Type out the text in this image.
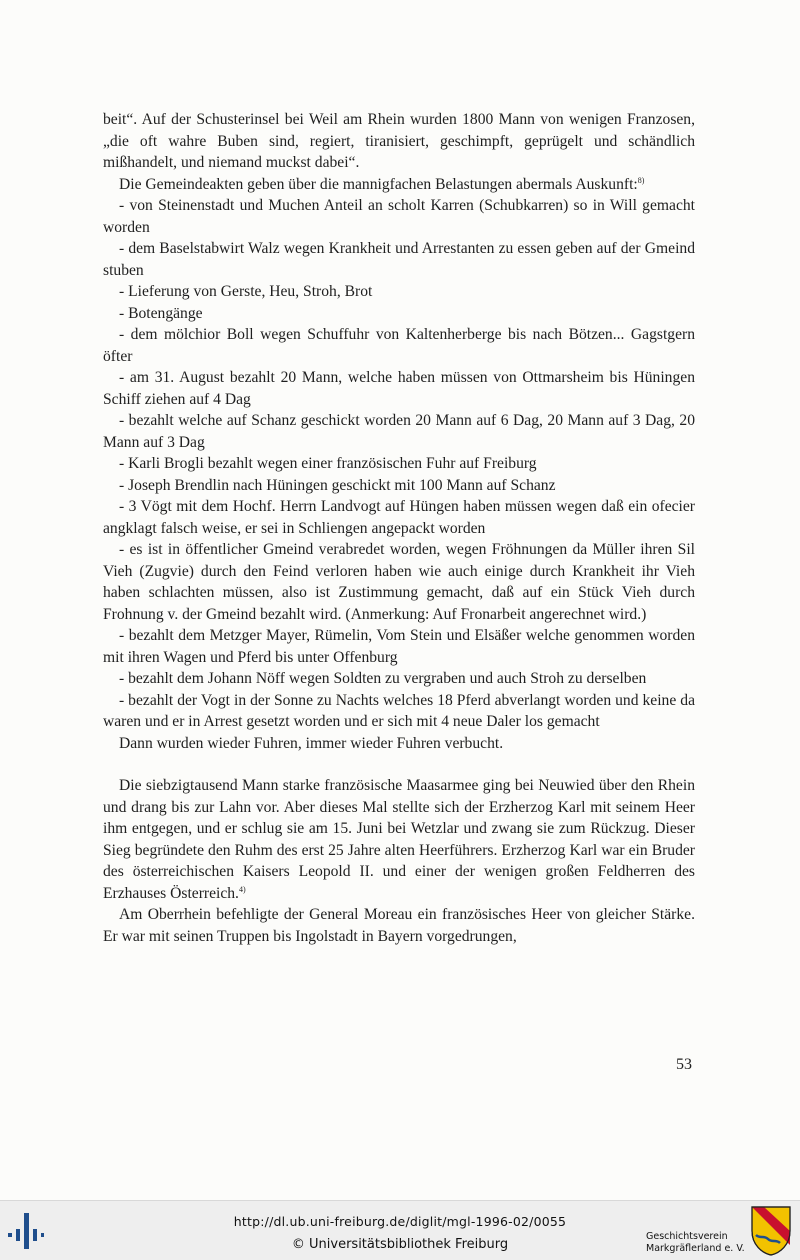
beit“. Auf der Schusterinsel bei Weil am Rhein wurden 1800 Mann von wenigen Franzosen, „die oft wahre Buben sind, regiert, tiranisiert, geschimpft, geprügelt und schändlich mißhandelt, und niemand muckst dabei“.

Die Gemeindeakten geben über die mannigfachen Belastungen abermals Auskunft:$^{8)}$

- von Steinenstadt und Muchen Anteil an scholt Karren (Schubkarren) so in Will gemacht worden

- dem Baselstabwirt Walz wegen Krankheit und Arrestanten zu essen geben auf der Gmeind stuben

- Lieferung von Gerste, Heu, Stroh, Brot

- Botengänge

- dem mölchior Boll wegen Schuffuhr von Kaltenherberge bis nach Bötzen... Gagstgern öfter

- am 31. August bezahlt 20 Mann, welche haben müssen von Ottmarsheim bis Hüningen Schiff ziehen auf 4 Dag

- bezahlt welche auf Schanz geschickt worden 20 Mann auf 6 Dag, 20 Mann auf 3 Dag, 20 Mann auf 3 Dag

- Karli Brogli bezahlt wegen einer französischen Fuhr auf Freiburg

- Joseph Brendlin nach Hüningen geschickt mit 100 Mann auf Schanz

- 3 Vögt mit dem Hochf. Herrn Landvogt auf Hüngen haben müssen wegen daß ein ofecier angklagt falsch weise, er sei in Schliengen angepackt worden

- es ist in öffentlicher Gmeind verabredet worden, wegen Fröhnungen da Müller ihren Sil Vieh (Zugvie) durch den Feind verloren haben wie auch einige durch Krankheit ihr Vieh haben schlachten müssen, also ist Zustimmung gemacht, daß auf ein Stück Vieh durch Frohnung v. der Gmeind bezahlt wird. (Anmerkung: Auf Fronarbeit angerechnet wird.)

- bezahlt dem Metzger Mayer, Rümelin, Vom Stein und Elsäßer welche genommen worden mit ihren Wagen und Pferd bis unter Offenburg

- bezahlt dem Johann Nöff wegen Soldten zu vergraben und auch Stroh zu derselben

- bezahlt der Vogt in der Sonne zu Nachts welches 18 Pferd abverlangt worden und keine da waren und er in Arrest gesetzt worden und er sich mit 4 neue Daler los gemacht

Dann wurden wieder Fuhren, immer wieder Fuhren verbucht.

Die siebzigtausend Mann starke französische Maasarmee ging bei Neuwied über den Rhein und drang bis zur Lahn vor. Aber dieses Mal stellte sich der Erzherzog Karl mit seinem Heer ihm entgegen, und er schlug sie am 15. Juni bei Wetzlar und zwang sie zum Rückzug. Dieser Sieg begründete den Ruhm des erst 25 Jahre alten Heerführers. Erzherzog Karl war ein Bruder des österreichischen Kaisers Leopold II. und einer der wenigen großen Feldherren des Erzhauses Österreich.$^{4)}$

Am Oberrhein befehligte der General Moreau ein französisches Heer von gleicher Stärke. Er war mit seinen Truppen bis Ingolstadt in Bayern vorgedrungen,

53
http://dl.ub.uni-freiburg.de/diglit/mgl-1996-02/0055
© Universitätsbibliothek Freiburg
Geschichtsverein
Markgräflerland e. V.
